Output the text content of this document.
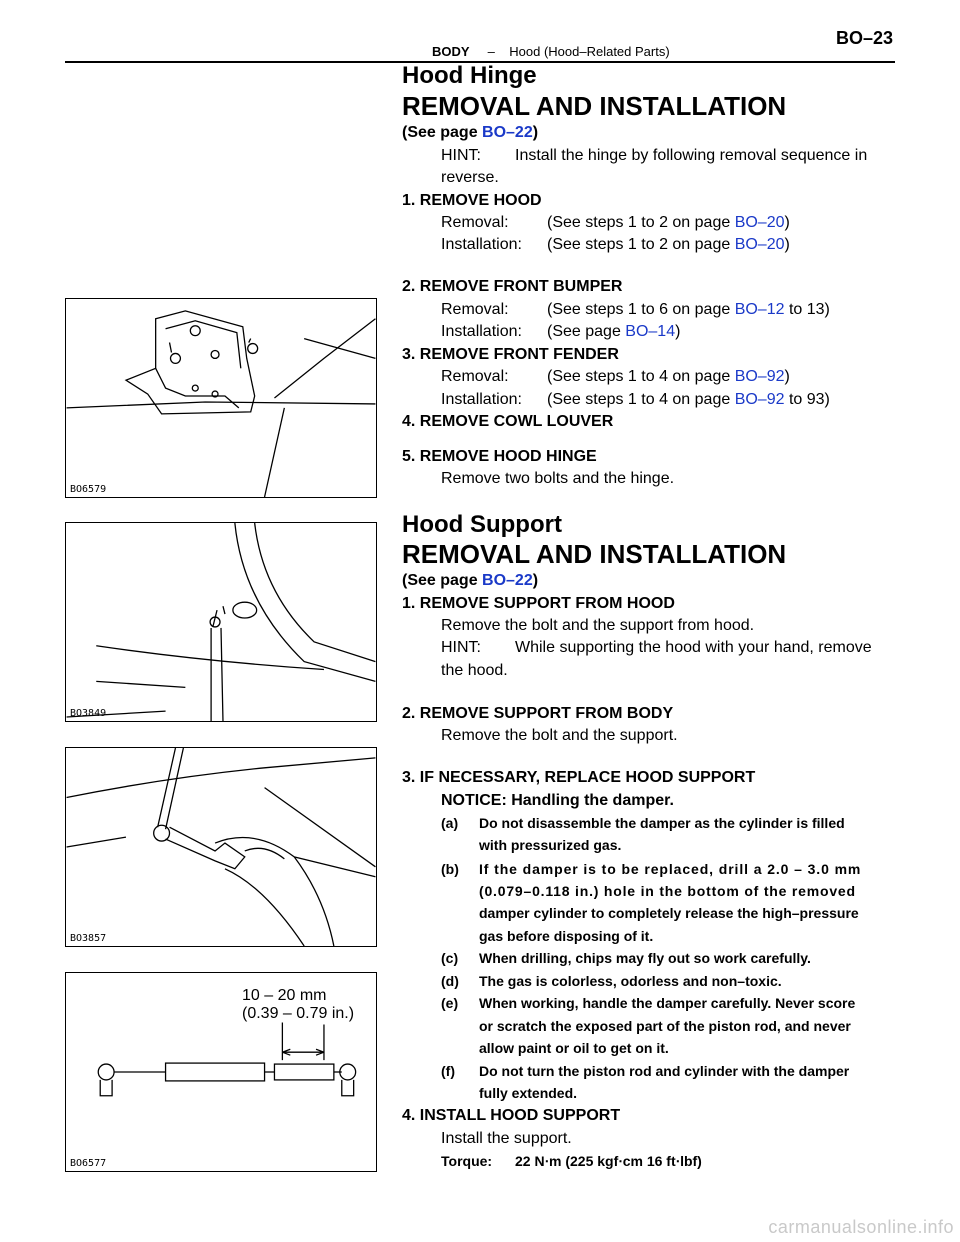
BODY – Hood (Hood–Related Parts)
BO–23
Hood Hinge
REMOVAL AND INSTALLATION
(See page BO–22)
HINT: Install the hinge by following removal sequence in
reverse.
1. REMOVE HOOD
Removal: (See steps 1 to 2 on page BO–20)
Installation: (See steps 1 to 2 on page BO–20)
2. REMOVE FRONT BUMPER
Removal: (See steps 1 to 6 on page BO–12 to 13)
Installation: (See page BO–14)
3. REMOVE FRONT FENDER
Removal: (See steps 1 to 4 on page BO–92)
Installation: (See steps 1 to 4 on page BO–92 to 93)
4. REMOVE COWL LOUVER
5. REMOVE HOOD HINGE
Remove two bolts and the hinge.
Hood Support
REMOVAL AND INSTALLATION
(See page BO–22)
1. REMOVE SUPPORT FROM HOOD
Remove the bolt and the support from hood.
HINT: While supporting the hood with your hand, remove
the hood.
2. REMOVE SUPPORT FROM BODY
Remove the bolt and the support.
3. IF NECESSARY, REPLACE HOOD SUPPORT
NOTICE: Handling the damper.
(a) Do not disassemble the damper as the cylinder is filled
with pressurized gas.
(b) If the damper is to be replaced, drill a 2.0 – 3.0 mm
(0.079–0.118 in.) hole in the bottom of the removed
damper cylinder to completely release the high–pressure
gas before disposing of it.
(c) When drilling, chips may fly out so work carefully.
(d) The gas is colorless, odorless and non–toxic.
(e) When working, handle the damper carefully. Never score
or scratch the exposed part of the piston rod, and never
allow paint or oil to get on it.
(f) Do not turn the piston rod and cylinder with the damper
fully extended.
4. INSTALL HOOD SUPPORT
Install the support.
Torque: 22 N⋅m (225 kgf⋅cm 16 ft⋅lbf)
BO6579
BO3849
BO3857
10 – 20 mm
(0.39 – 0.79 in.)
BO6577
carmanualsonline.info
